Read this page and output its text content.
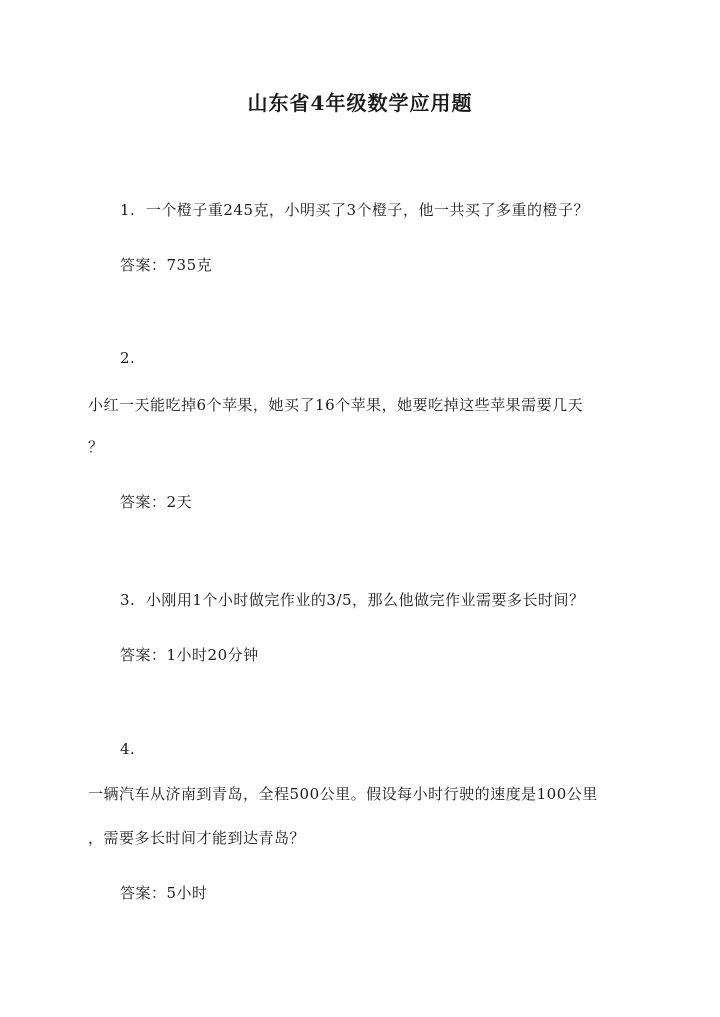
山东省4年级数学应用题
1. 一个橙子重245克，小明买了3个橙子，他一共买了多重的橙子？
答案：735克
2.
小红一天能吃掉6个苹果，她买了16个苹果，她要吃掉这些苹果需要几天
？
答案：2天
3. 小刚用1个小时做完作业的3/5，那么他做完作业需要多长时间？
答案：1小时20分钟
4.
一辆汽车从济南到青岛，全程500公里。假设每小时行驶的速度是100公里
，需要多长时间才能到达青岛？
答案：5小时
